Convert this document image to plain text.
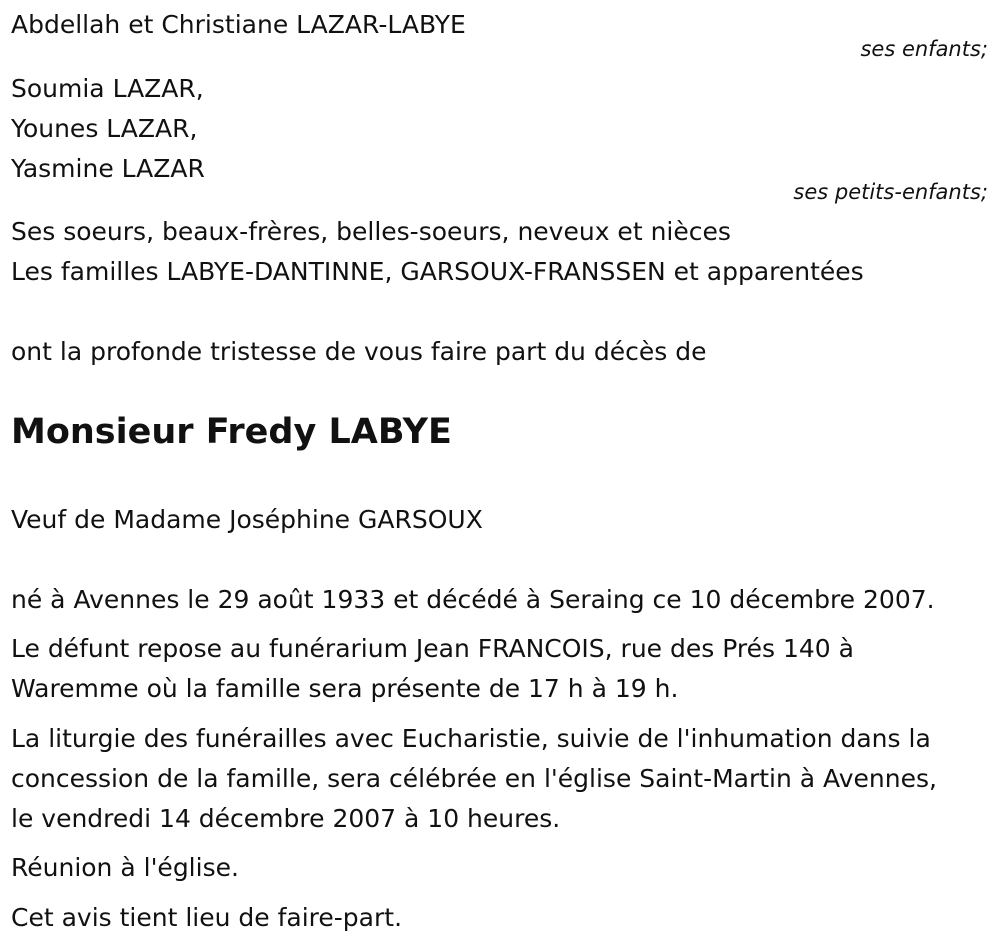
Abdellah et Christiane LAZAR-LABYE
ses enfants;
Soumia LAZAR,
Younes LAZAR,
Yasmine LAZAR
ses petits-enfants;
Ses soeurs, beaux-frères, belles-soeurs, neveux et nièces
Les familles LABYE-DANTINNE, GARSOUX-FRANSSEN et apparentées
ont la profonde tristesse de vous faire part du décès de
Monsieur Fredy LABYE
Veuf de Madame Joséphine GARSOUX
né à Avennes le 29 août 1933 et décédé à Seraing ce 10 décembre 2007.
Le défunt repose au funérarium Jean FRANCOIS, rue des Prés 140 à
Waremme où la famille sera présente de 17 h à 19 h.
La liturgie des funérailles avec Eucharistie, suivie de l'inhumation dans la
concession de la famille, sera célébrée en l'église Saint-Martin à Avennes,
le vendredi 14 décembre 2007 à 10 heures.
Réunion à l'église.
Cet avis tient lieu de faire-part.
